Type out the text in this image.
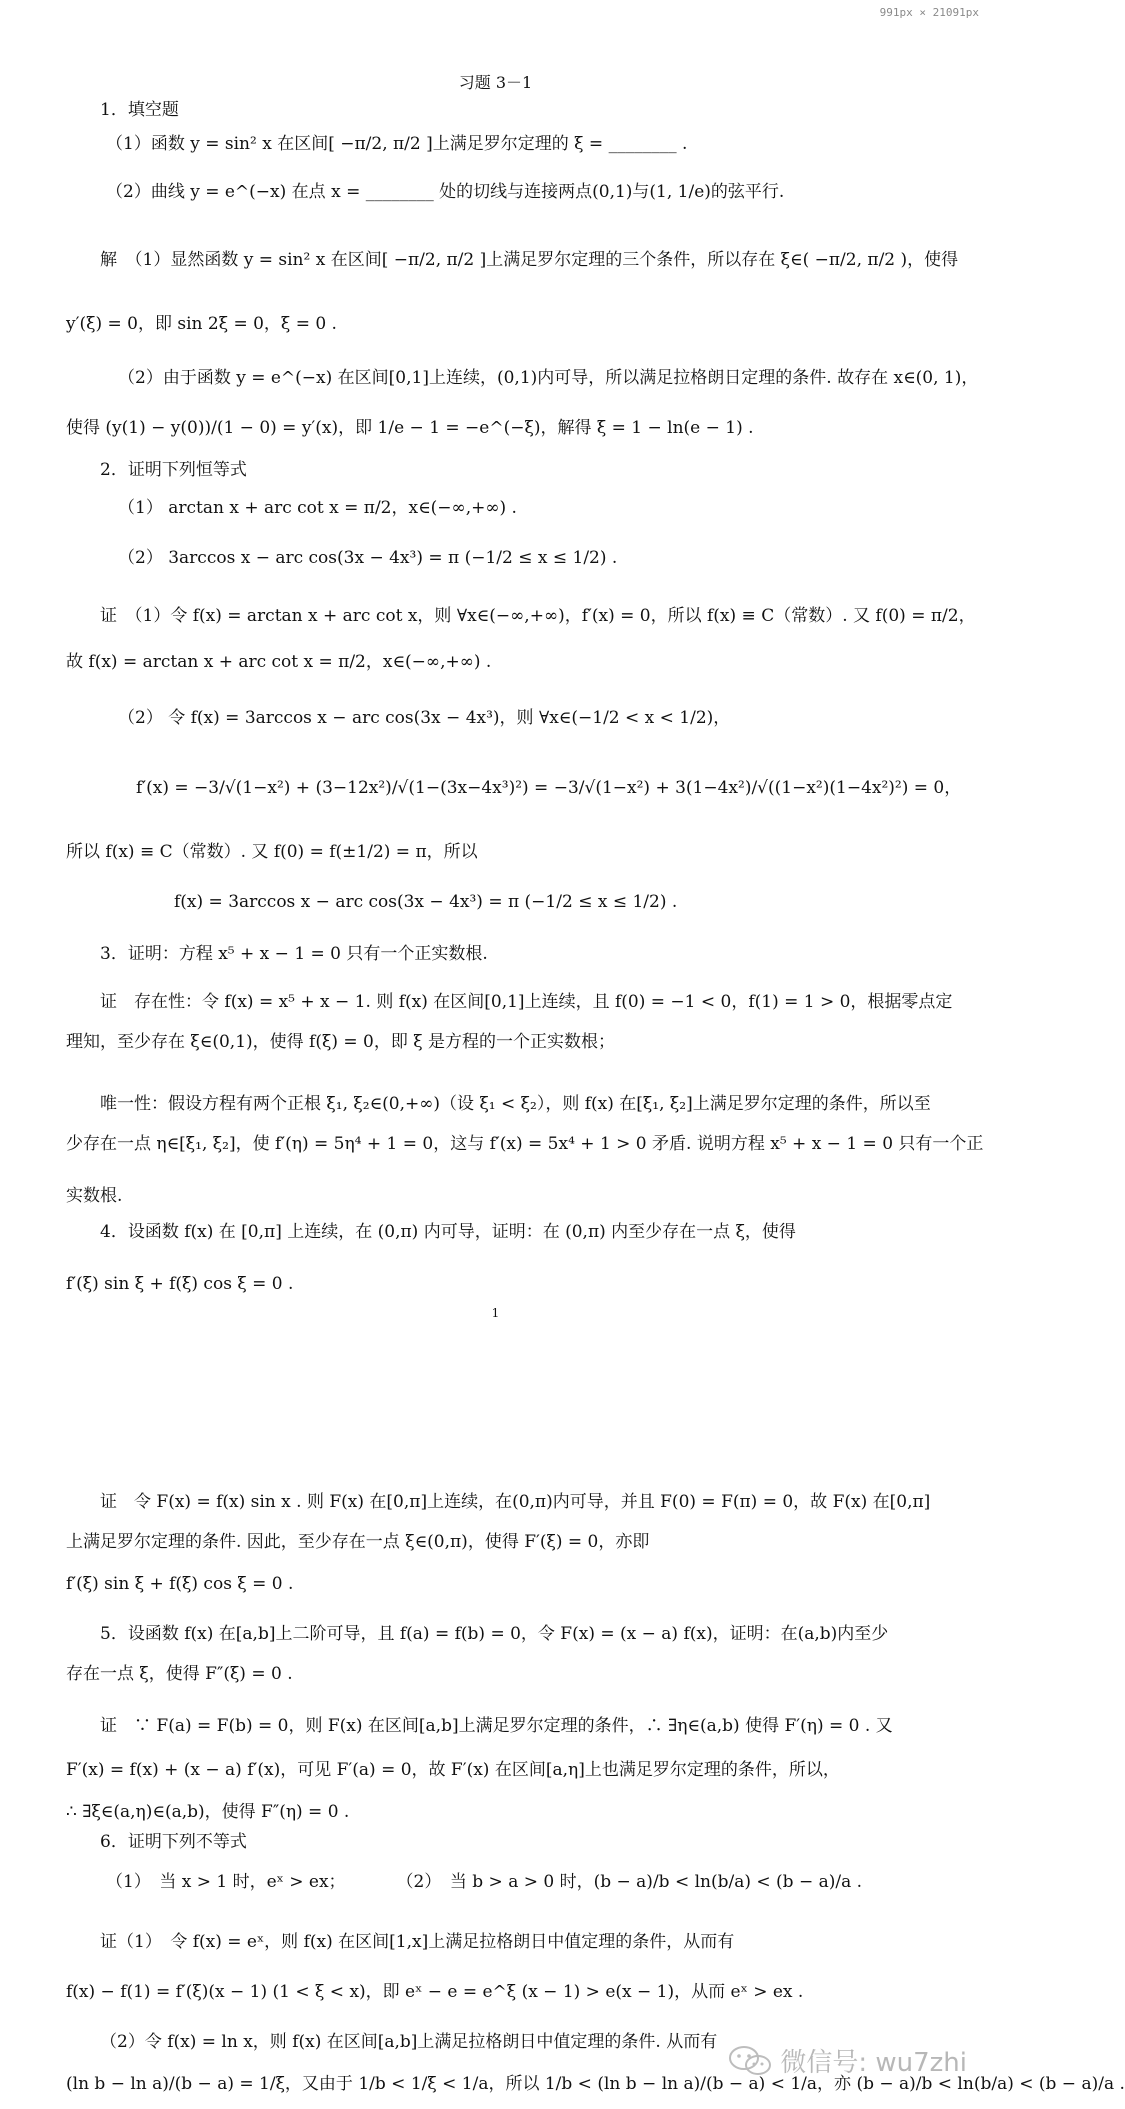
991px × 21091px
习题 3－1
1．填空题
（1）函数 y = sin² x 在区间[ −π/2, π/2 ]上满足罗尔定理的 ξ = ________ .
（2）曲线 y = e^(−x) 在点 x = ________ 处的切线与连接两点(0,1)与(1, 1/e)的弦平行.
解　（1）显然函数 y = sin² x 在区间[ −π/2, π/2 ]上满足罗尔定理的三个条件，所以存在 ξ∈( −π/2, π/2 )，使得
y′(ξ) = 0，即 sin 2ξ = 0，ξ = 0 .
（2）由于函数 y = e^(−x) 在区间[0,1]上连续，(0,1)内可导，所以满足拉格朗日定理的条件. 故存在 x∈(0, 1)，
使得 (y(1) − y(0))/(1 − 0) = y′(x)，即 1/e − 1 = −e^(−ξ)，解得 ξ = 1 − ln(e − 1) .
2．证明下列恒等式
（1） arctan x + arc cot x = π/2，x∈(−∞,+∞) .
（2） 3arccos x − arc cos(3x − 4x³) = π (−1/2 ≤ x ≤ 1/2) .
证　（1）令 f(x) = arctan x + arc cot x，则 ∀x∈(−∞,+∞)，f′(x) = 0，所以 f(x) ≡ C（常数）. 又 f(0) = π/2，
故 f(x) = arctan x + arc cot x = π/2，x∈(−∞,+∞) .
（2） 令 f(x) = 3arccos x − arc cos(3x − 4x³)，则 ∀x∈(−1/2 < x < 1/2)，
f′(x) = −3/√(1−x²) + (3−12x²)/√(1−(3x−4x³)²) = −3/√(1−x²) + 3(1−4x²)/√((1−x²)(1−4x²)²) = 0，
所以 f(x) ≡ C（常数）. 又 f(0) = f(±1/2) = π，所以
f(x) = 3arccos x − arc cos(3x − 4x³) = π (−1/2 ≤ x ≤ 1/2) .
3．证明：方程 x⁵ + x − 1 = 0 只有一个正实数根.
证　存在性：令 f(x) = x⁵ + x − 1. 则 f(x) 在区间[0,1]上连续，且 f(0) = −1 < 0，f(1) = 1 > 0，根据零点定
理知，至少存在 ξ∈(0,1)，使得 f(ξ) = 0，即 ξ 是方程的一个正实数根；
唯一性：假设方程有两个正根 ξ₁, ξ₂∈(0,+∞)（设 ξ₁ < ξ₂），则 f(x) 在[ξ₁, ξ₂]上满足罗尔定理的条件，所以至
少存在一点 η∈[ξ₁, ξ₂]，使 f′(η) = 5η⁴ + 1 = 0，这与 f′(x) = 5x⁴ + 1 > 0 矛盾. 说明方程 x⁵ + x − 1 = 0 只有一个正
实数根.
4．设函数 f(x) 在 [0,π] 上连续，在 (0,π) 内可导，证明：在 (0,π) 内至少存在一点 ξ，使得
f′(ξ) sin ξ + f(ξ) cos ξ = 0 .
1
证　令 F(x) = f(x) sin x . 则 F(x) 在[0,π]上连续，在(0,π)内可导，并且 F(0) = F(π) = 0，故 F(x) 在[0,π]
上满足罗尔定理的条件. 因此，至少存在一点 ξ∈(0,π)，使得 F′(ξ) = 0，亦即
f′(ξ) sin ξ + f(ξ) cos ξ = 0 .
5．设函数 f(x) 在[a,b]上二阶可导，且 f(a) = f(b) = 0，令 F(x) = (x − a) f(x)，证明：在(a,b)内至少
存在一点 ξ，使得 F″(ξ) = 0 .
证　∵ F(a) = F(b) = 0，则 F(x) 在区间[a,b]上满足罗尔定理的条件，∴ ∃η∈(a,b) 使得 F′(η) = 0 . 又
F′(x) = f(x) + (x − a) f′(x)，可见 F′(a) = 0，故 F′(x) 在区间[a,η]上也满足罗尔定理的条件，所以，
∴ ∃ξ∈(a,η)∈(a,b)，使得 F″(η) = 0 .
6．证明下列不等式
（1）　当 x > 1 时，eˣ > ex；　　　　（2）　当 b > a > 0 时，(b − a)/b < ln(b/a) < (b − a)/a .
证（1）　令 f(x) = eˣ，则 f(x) 在区间[1,x]上满足拉格朗日中值定理的条件，从而有
f(x) − f(1) = f′(ξ)(x − 1) (1 < ξ < x)，即 eˣ − e = e^ξ (x − 1) > e(x − 1)，从而 eˣ > ex .
（2）令 f(x) = ln x，则 f(x) 在区间[a,b]上满足拉格朗日中值定理的条件. 从而有
(ln b − ln a)/(b − a) = 1/ξ，又由于 1/b < 1/ξ < 1/a，所以 1/b < (ln b − ln a)/(b − a) < 1/a，亦 (b − a)/b < ln(b/a) < (b − a)/a .
微信号: wu7zhi
